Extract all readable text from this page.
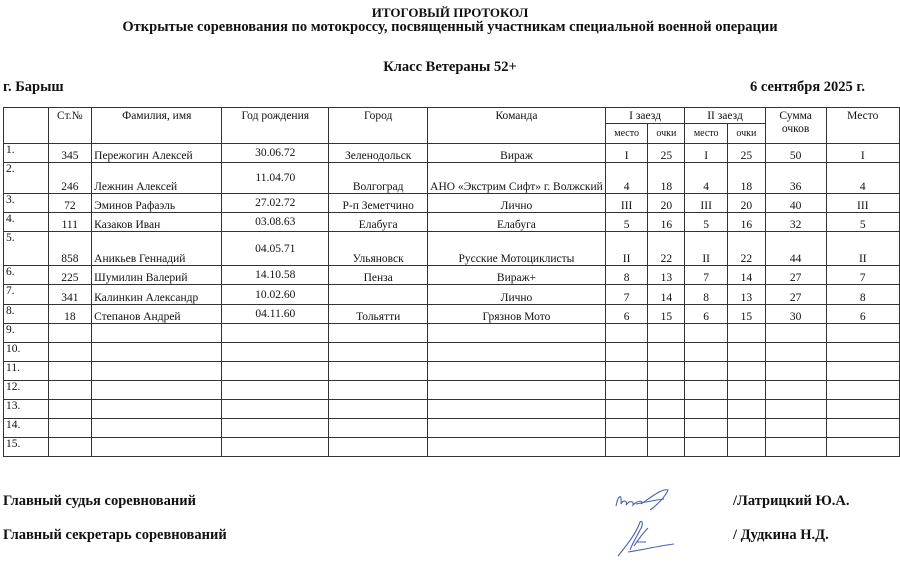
ИТОГОВЫЙ ПРОТОКОЛ
Открытые соревнования по мотокроссу, посвященный участникам специальной военной операции
Класс Ветераны 52+
г. Барыш	6 сентября 2025 г.
	Ст.№	Фамилия, имя	Год рождения	Город	Команда	I заезд		II заезд		Сумма очков	Место
						место	очки	место	очки		
1.	345	Пережогин Алексей	30.06.72	Зеленодольск	Вираж	I	25	I	25	50	I
2.	246	Лежнин Алексей	11.04.70	Волгоград	АНО «Экстрим Сифт» г. Волжский	4	18	4	18	36	4
3.	72	Эминов Рафаэль	27.02.72	Р-п Земетчино	Лично	III	20	III	20	40	III
4.	111	Казаков Иван	03.08.63	Елабуга	Елабуга	5	16	5	16	32	5
5.	858	Аникьев Геннадий	04.05.71	Ульяновск	Русские Мотоциклисты	II	22	II	22	44	II
6.	225	Шумилин Валерий	14.10.58	Пенза	Вираж+	8	13	7	14	27	7
7.	341	Калинкин Александр	10.02.60		Лично	7	14	8	13	27	8
8.	18	Степанов Андрей	04.11.60	Тольятти	Грязнов Мото	6	15	6	15	30	6
9.											
10.											
11.											
12.											
13.											
14.											
15.											
Главный судья соревнований	/Латрицкий Ю.А.
Главный секретарь соревнований	/ Дудкина Н.Д.
